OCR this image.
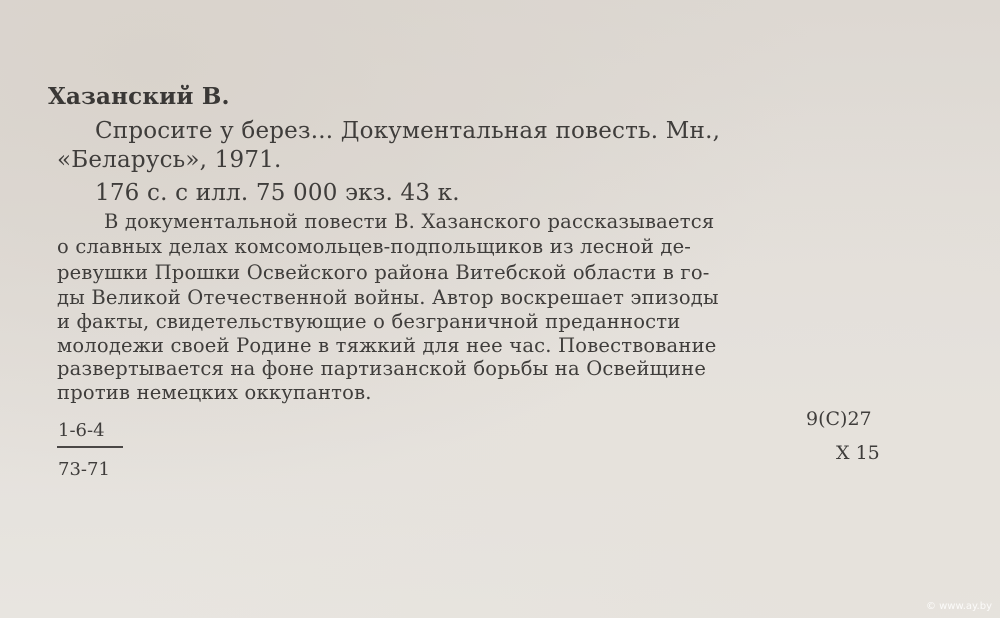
Хазанский В.
Спросите у берез... Документальная повесть. Мн.,
«Беларусь», 1971.
176 с. с илл. 75 000 экз. 43 к.
В документальной повести В. Хазанского рассказывается
о славных делах комсомольцев-подпольщиков из лесной де-
ревушки Прошки Освейского района Витебской области в го-
ды Великой Отечественной войны. Автор воскрешает эпизоды
и факты, свидетельствующие о безграничной преданности
молодежи своей Родине в тяжкий для нее час. Повествование
развертывается на фоне партизанской борьбы на Освейщине
против немецких оккупантов.
1-6-4
73-71
9(С)27
Х 15
© www.ay.by
